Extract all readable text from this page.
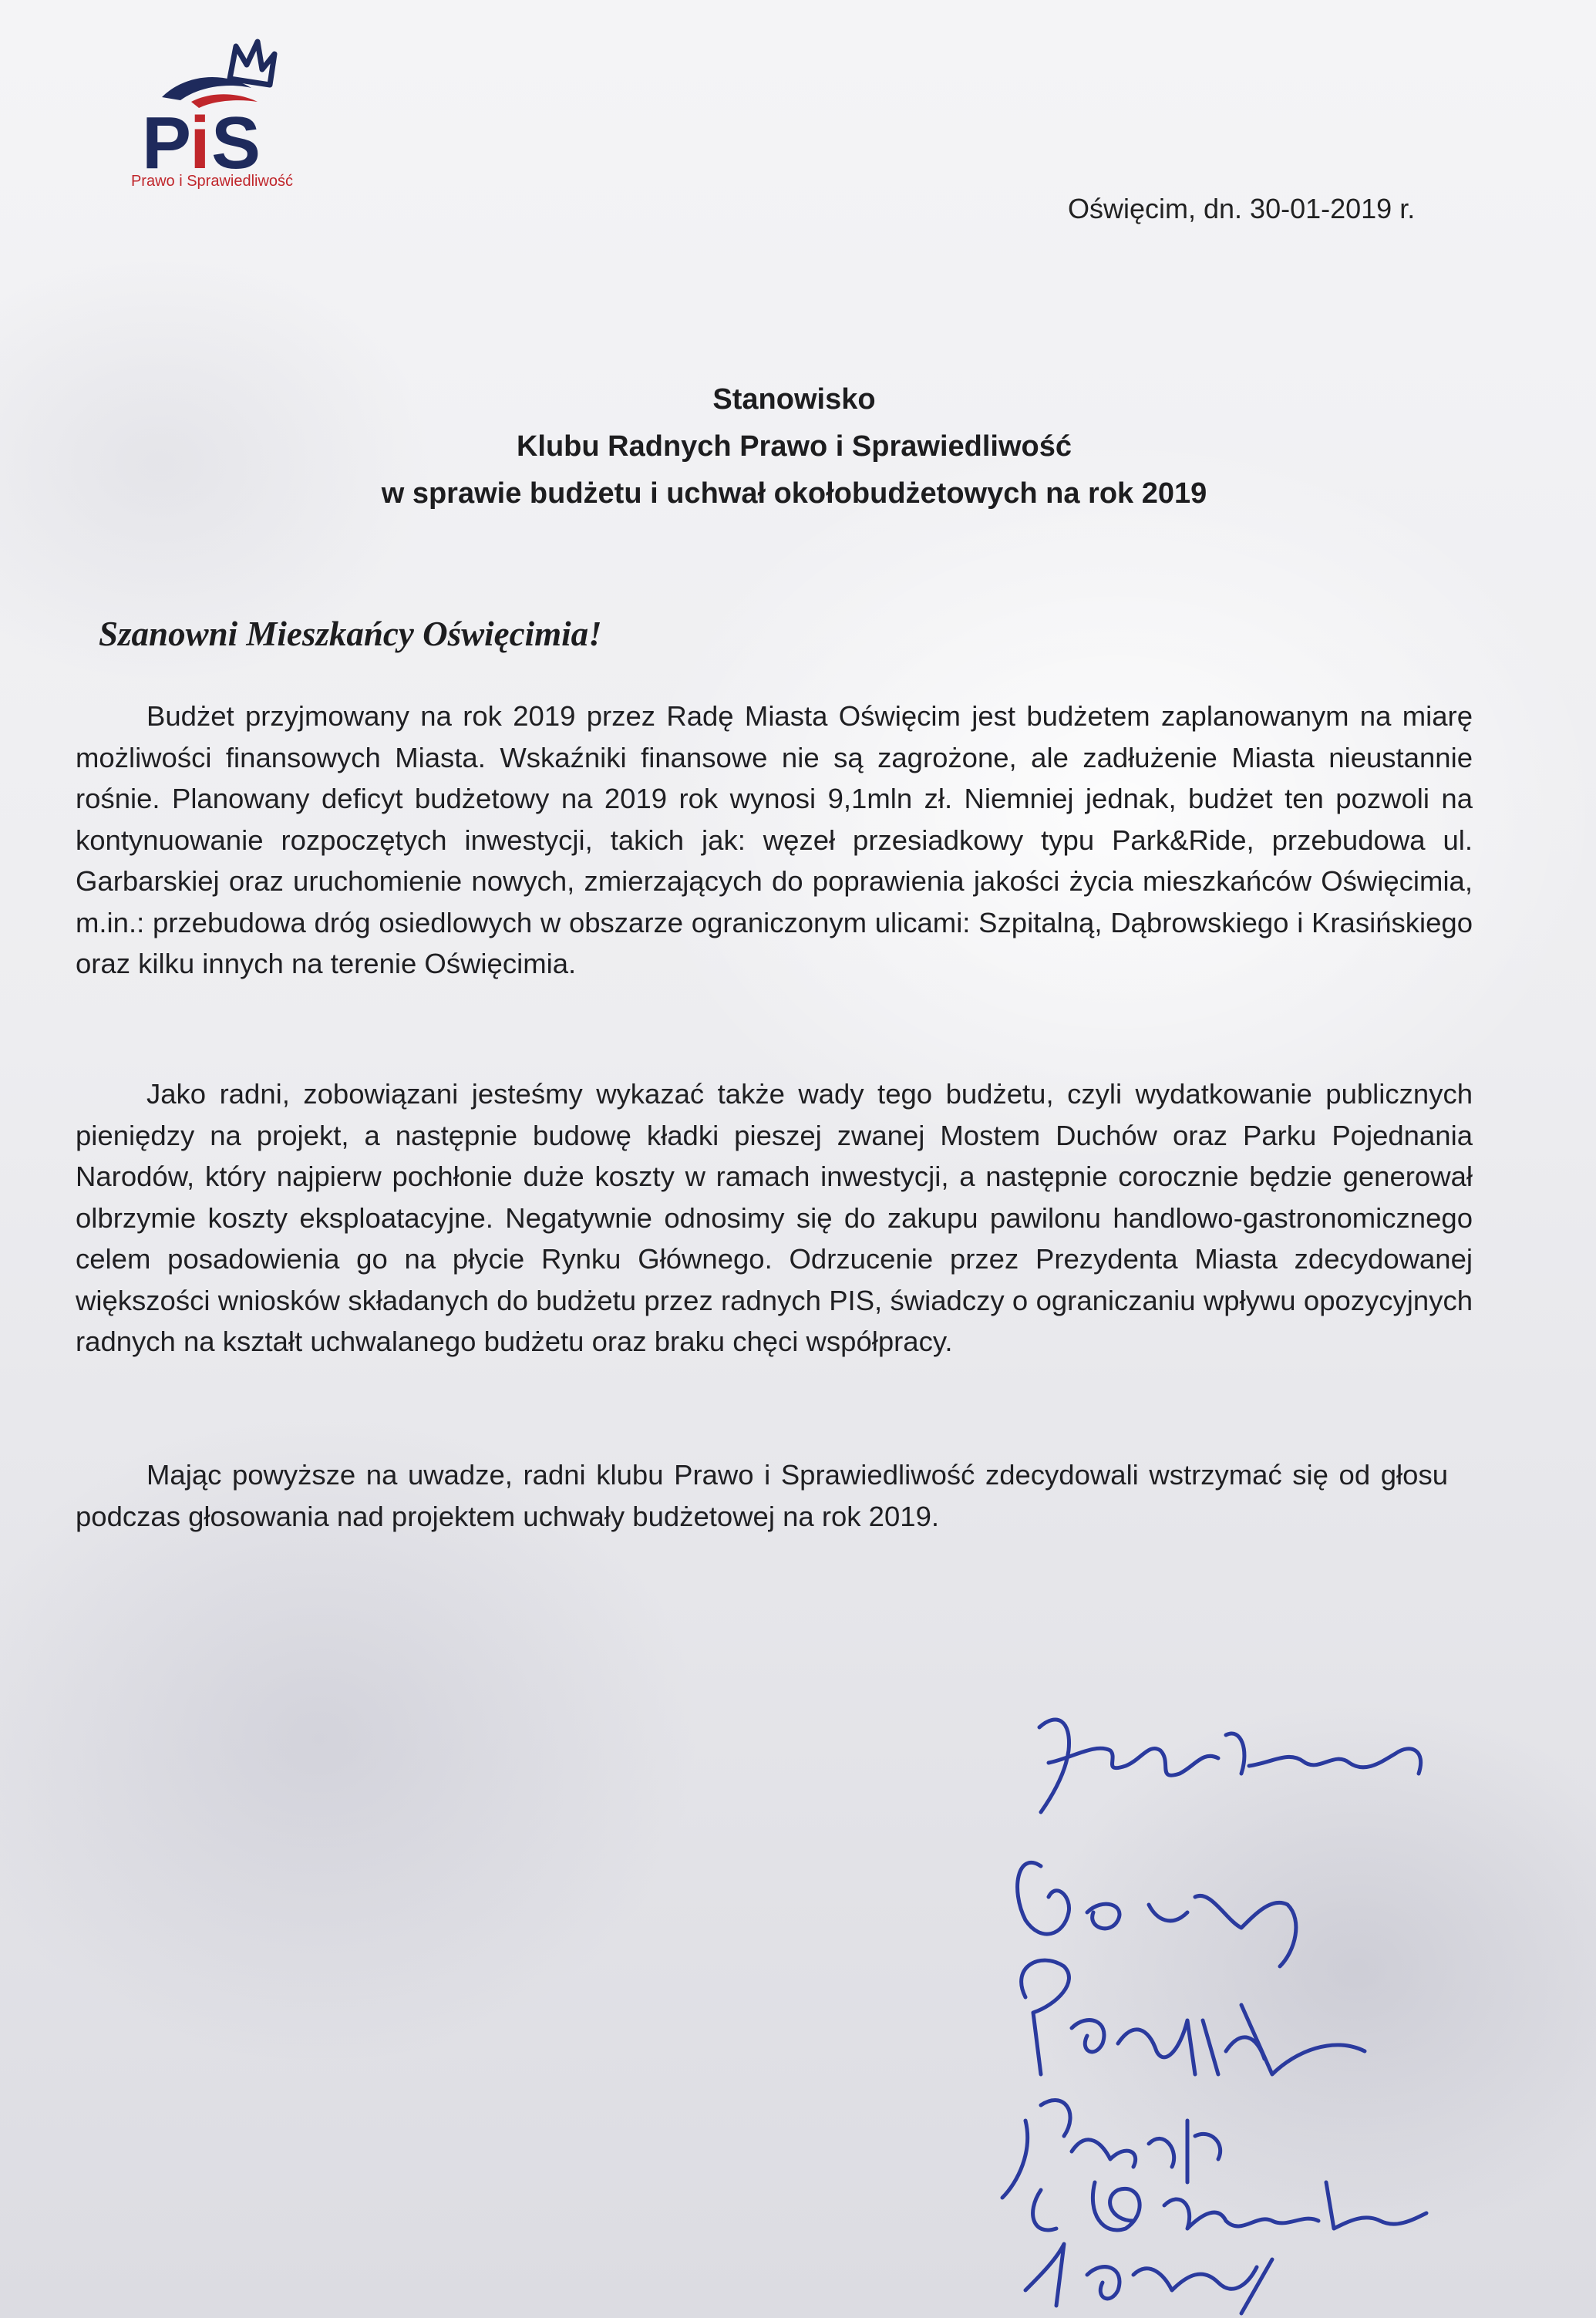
P
i S
Prawo i Sprawiedliwość
Oświęcim, dn. 30-01-2019 r.
Stanowisko
Klubu Radnych Prawo i Sprawiedliwość
w sprawie budżetu i uchwał okołobudżetowych na rok 2019
Szanowni Mieszkańcy Oświęcimia!

Budżet przyjmowany na rok 2019 przez Radę Miasta Oświęcim jest budżetem zaplanowanym na miarę możliwości finansowych Miasta. Wskaźniki finansowe nie są zagrożone, ale zadłużenie Miasta nieustannie rośnie. Planowany deficyt budżetowy na 2019 rok wynosi 9,1mln zł. Niemniej jednak, budżet ten pozwoli na kontynuowanie rozpoczętych inwestycji, takich jak: węzeł przesiadkowy typu Park&Ride, przebudowa ul. Garbarskiej oraz uruchomienie nowych, zmierzających do poprawienia jakości życia mieszkańców Oświęcimia, m.in.: przebudowa dróg osiedlowych w obszarze ograniczonym ulicami: Szpitalną, Dąbrowskiego i Krasińskiego oraz kilku innych na terenie Oświęcimia.

Jako radni, zobowiązani jesteśmy wykazać także wady tego budżetu, czyli wydatkowanie publicznych pieniędzy na projekt, a następnie budowę kładki pieszej zwanej Mostem Duchów oraz Parku Pojednania Narodów, który najpierw pochłonie duże koszty w ramach inwestycji, a następnie corocznie będzie generował olbrzymie koszty eksploatacyjne. Negatywnie odnosimy się do zakupu pawilonu handlowo-gastronomicznego celem posadowienia go na płycie Rynku Głównego. Odrzucenie przez Prezydenta Miasta zdecydowanej większości wniosków składanych do budżetu przez radnych PIS, świadczy o ograniczaniu wpływu opozycyjnych radnych na kształt uchwalanego budżetu oraz braku chęci współpracy.

Mając powyższe na uwadze, radni klubu Prawo i Sprawiedliwość zdecydowali wstrzymać się od głosu podczas głosowania nad projektem uchwały budżetowej na rok 2019.
